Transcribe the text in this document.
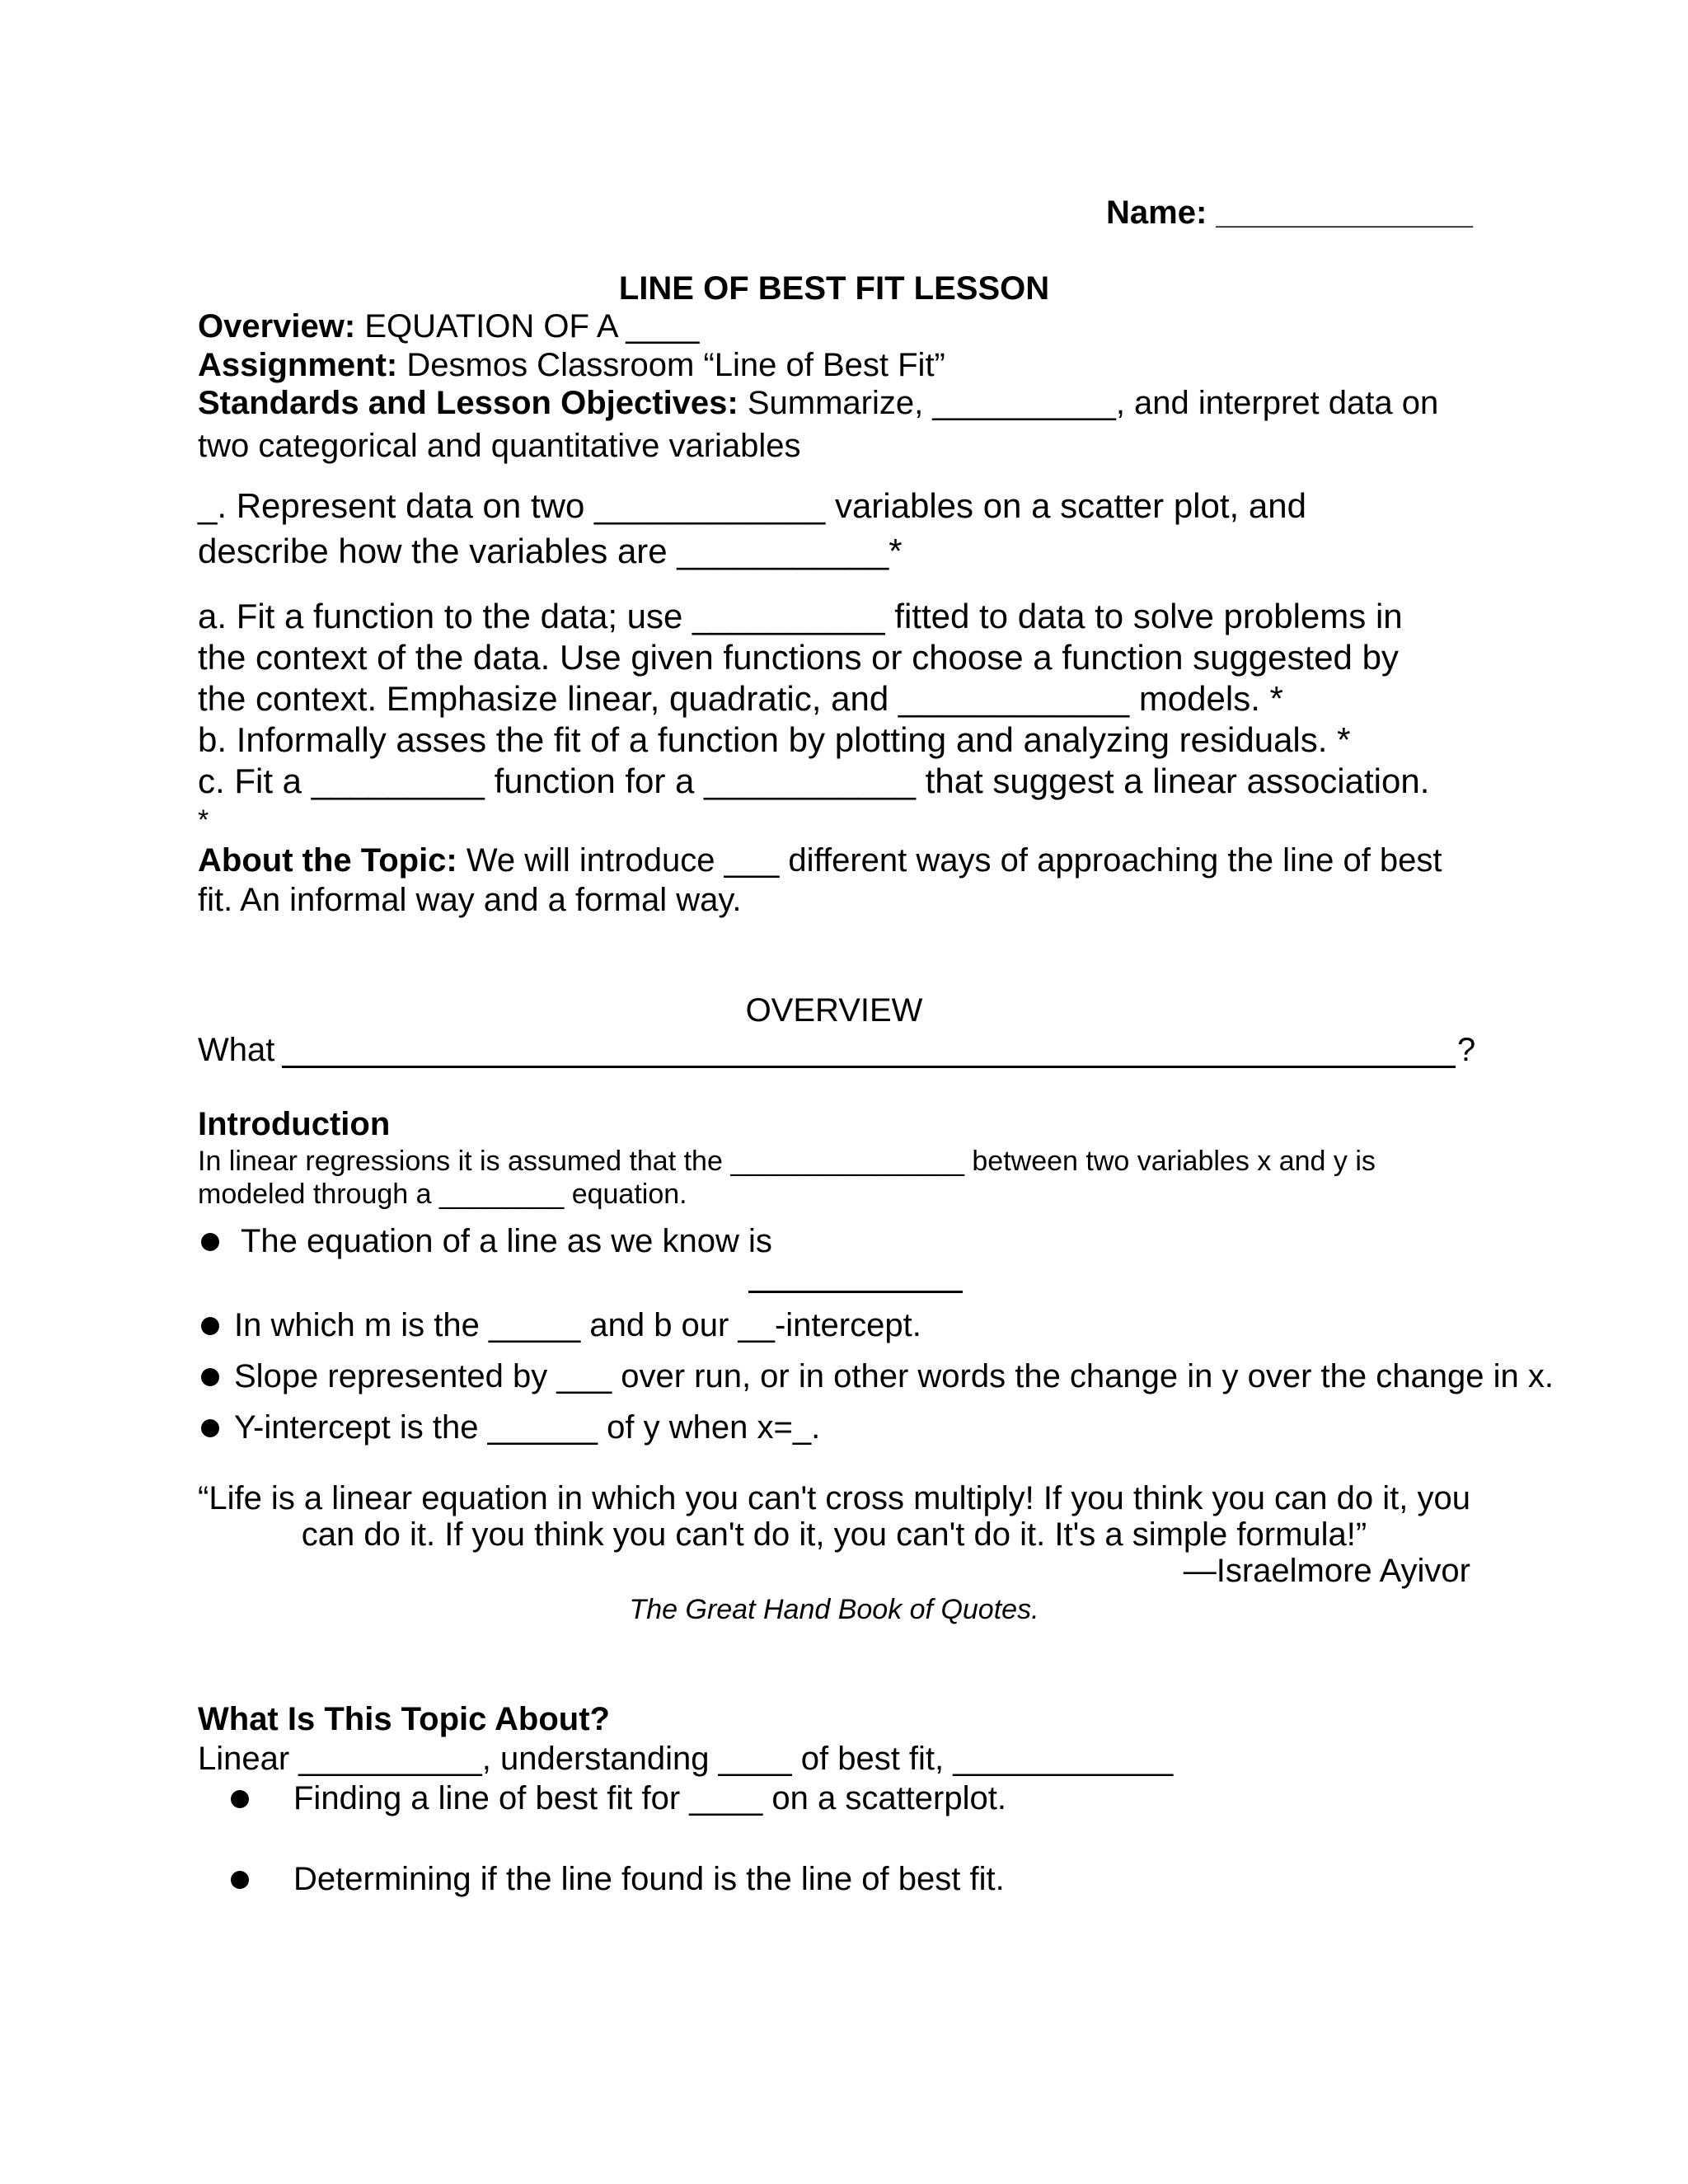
Name: ______________
LINE OF BEST FIT LESSON
Overview: EQUATION OF A ____
Assignment: Desmos Classroom “Line of Best Fit”
Standards and Lesson Objectives: Summarize, __________, and interpret data on
two categorical and quantitative variables
_. Represent data on two ____________ variables on a scatter plot, and
describe how the variables are ___________*
a. Fit a function to the data; use __________ fitted to data to solve problems in
the context of the data. Use given functions or choose a function suggested by
the context. Emphasize linear, quadratic, and ____________ models. *
b. Informally asses the fit of a function by plotting and analyzing residuals. *
c. Fit a _________ function for a ___________ that suggest a linear association.
*
About the Topic: We will introduce ___ different ways of approaching the line of best
fit. An informal way and a formal way.
OVERVIEW
What	?
Introduction
In linear regressions it is assumed that the _______________ between two variables x and y is
modeled through a ________ equation.
The equation of a line as we know is
In which m is the _____ and b our __-intercept.
Slope represented by ___ over run, or in other words the change in y over the change in x.
Y-intercept is the ______ of y when x=_.
“Life is a linear equation in which you can't cross multiply! If you think you can do it, you
can do it. If you think you can't do it, you can't do it. It's a simple formula!”
—Israelmore Ayivor
The Great Hand Book of Quotes.
What Is This Topic About?
Linear __________, understanding ____ of best fit, ____________
Finding a line of best fit for ____ on a scatterplot.
Determining if the line found is the line of best fit.
